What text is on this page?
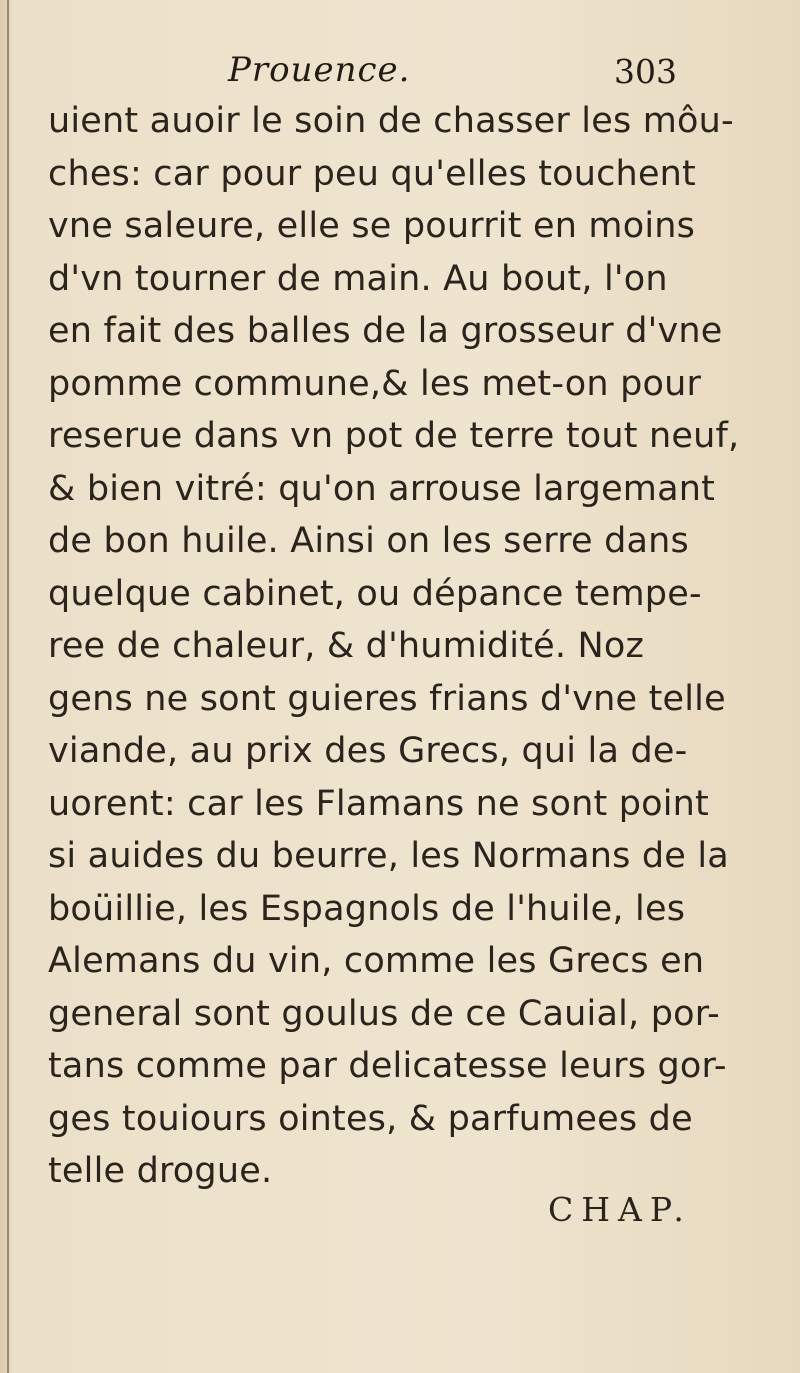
Prouence.	303
uient auoir le soin de chasser les môu-
ches: car pour peu qu'elles touchent
vne saleure, elle se pourrit en moins
d'vn tourner de main. Au bout, l'on
en fait des balles de la grosseur d'vne
pomme commune,& les met-on pour
reserue dans vn pot de terre tout neuf,
& bien vitré: qu'on arrouse largemant
de bon huile. Ainsi on les serre dans
quelque cabinet, ou dépance tempe-
ree de chaleur, & d'humidité. Noz
gens ne sont guieres frians d'vne telle
viande, au prix des Grecs, qui la de-
uorent: car les Flamans ne sont point
si auides du beurre, les Normans de la
boüillie, les Espagnols de l'huile, les
Alemans du vin, comme les Grecs en
general sont goulus de ce Cauial, por-
tans comme par delicatesse leurs gor-
ges touiours ointes, & parfumees de
telle drogue.
CHAP.
